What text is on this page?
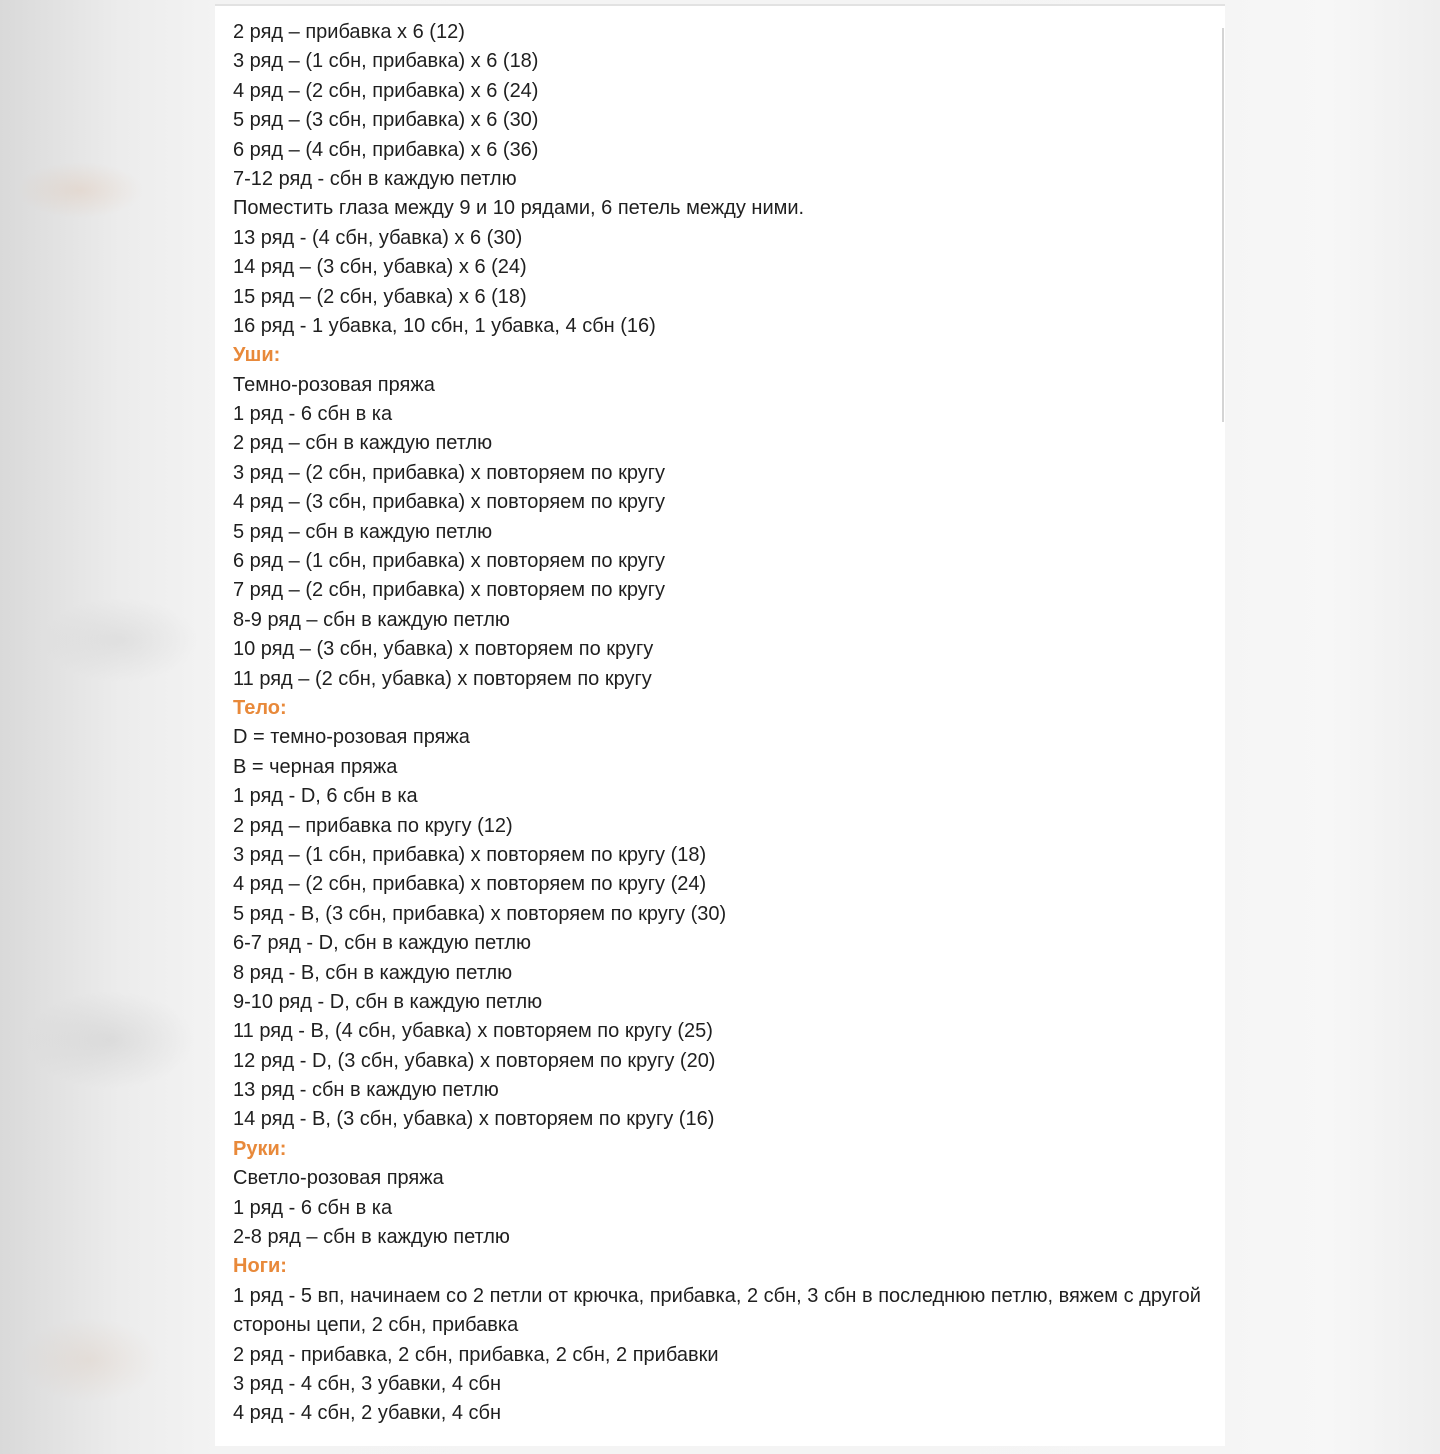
2 ряд – прибавка х 6 (12)
3 ряд – (1 сбн, прибавка) х 6 (18)
4 ряд – (2 сбн, прибавка) х 6 (24)
5 ряд – (3 сбн, прибавка) х 6 (30)
6 ряд – (4 сбн, прибавка) х 6 (36)
7-12 ряд - сбн в каждую петлю
Поместить глаза между 9 и 10 рядами, 6 петель между ними.
13 ряд - (4 сбн, убавка) х 6 (30)
14 ряд – (3 сбн, убавка) х 6 (24)
15 ряд – (2 сбн, убавка) х 6 (18)
16 ряд - 1 убавка, 10 сбн, 1 убавка, 4 сбн (16)
Уши:
Темно-розовая пряжа
1 ряд - 6 сбн в ка
2 ряд – сбн в каждую петлю
3 ряд – (2 сбн, прибавка) х повторяем по кругу
4 ряд – (3 сбн, прибавка) х повторяем по кругу
5 ряд – сбн в каждую петлю
6 ряд – (1 сбн, прибавка) х повторяем по кругу
7 ряд – (2 сбн, прибавка) х повторяем по кругу
8-9 ряд – сбн в каждую петлю
10 ряд – (3 сбн, убавка) х повторяем по кругу
11 ряд – (2 сбн, убавка) х повторяем по кругу
Тело:
D = темно-розовая пряжа
B = черная пряжа
1 ряд - D, 6 сбн в ка
2 ряд – прибавка по кругу (12)
3 ряд – (1 сбн, прибавка) х повторяем по кругу (18)
4 ряд – (2 сбн, прибавка) х повторяем по кругу (24)
5 ряд - B, (3 сбн, прибавка) х повторяем по кругу (30)
6-7 ряд - D, сбн в каждую петлю
8 ряд - B, сбн в каждую петлю
9-10 ряд - D, сбн в каждую петлю
11 ряд - B, (4 сбн, убавка) х повторяем по кругу (25)
12 ряд - D, (3 сбн, убавка) х повторяем по кругу (20)
13 ряд - сбн в каждую петлю
14 ряд - B, (3 сбн, убавка) х повторяем по кругу (16)
Руки:
Светло-розовая пряжа
1 ряд - 6 сбн в ка
2-8 ряд – сбн в каждую петлю
Ноги:
1 ряд - 5 вп, начинаем со 2 петли от крючка, прибавка, 2 сбн, 3 сбн в последнюю петлю, вяжем с другой стороны цепи, 2 сбн, прибавка
2 ряд - прибавка, 2 сбн, прибавка, 2 сбн, 2 прибавки
3 ряд - 4 сбн, 3 убавки, 4 сбн
4 ряд - 4 сбн, 2 убавки, 4 сбн
